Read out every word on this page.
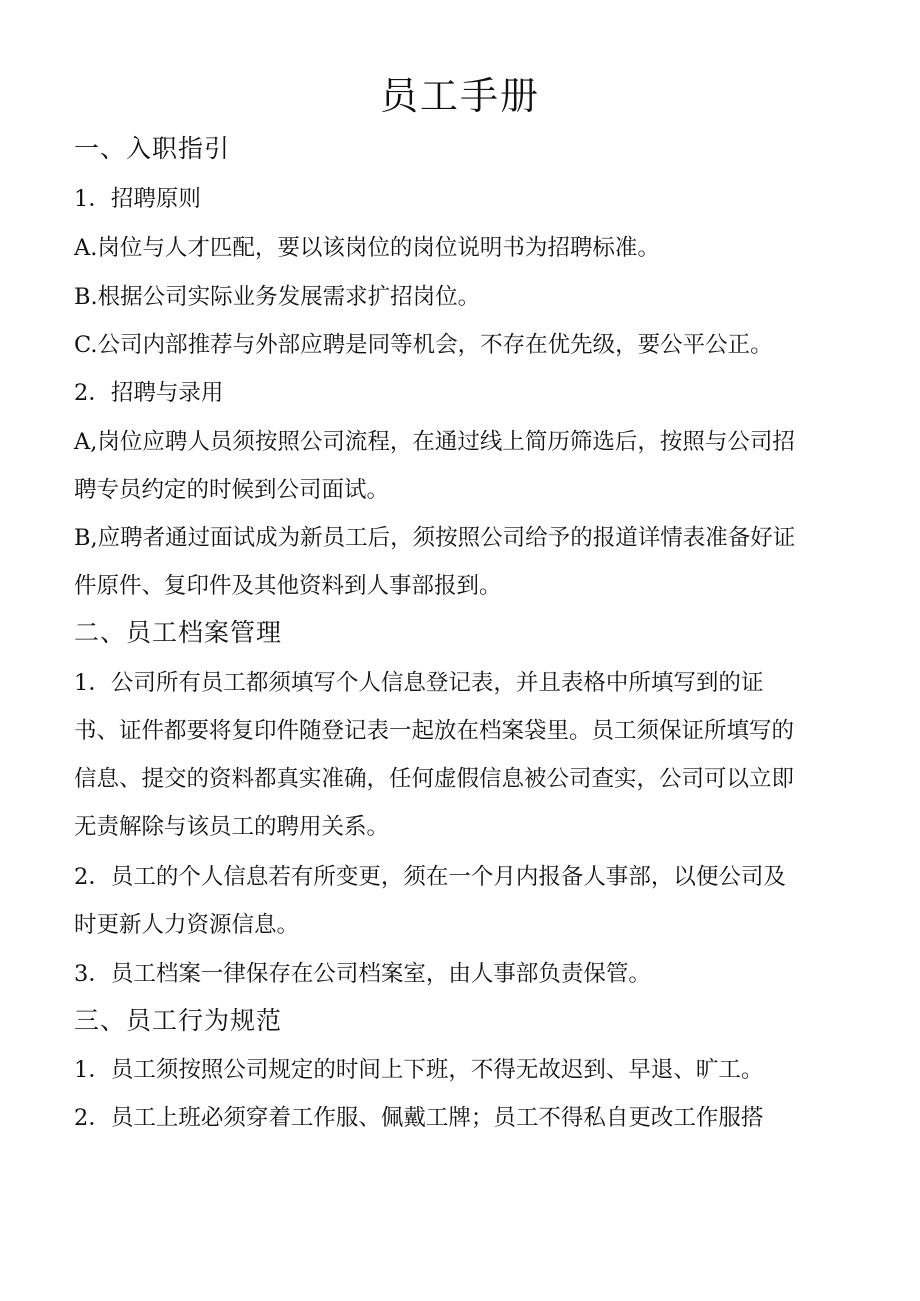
员工手册

一、入职指引

1．招聘原则

A.岗位与人才匹配，要以该岗位的岗位说明书为招聘标准。

B.根据公司实际业务发展需求扩招岗位。

C.公司内部推荐与外部应聘是同等机会，不存在优先级，要公平公正。

2．招聘与录用

A,岗位应聘人员须按照公司流程，在通过线上简历筛选后，按照与公司招

聘专员约定的时候到公司面试。

B,应聘者通过面试成为新员工后，须按照公司给予的报道详情表准备好证

件原件、复印件及其他资料到人事部报到。

二、员工档案管理

1．公司所有员工都须填写个人信息登记表，并且表格中所填写到的证

书、证件都要将复印件随登记表一起放在档案袋里。员工须保证所填写的

信息、提交的资料都真实准确，任何虚假信息被公司查实，公司可以立即

无责解除与该员工的聘用关系。

2．员工的个人信息若有所变更，须在一个月内报备人事部，以便公司及

时更新人力资源信息。

3．员工档案一律保存在公司档案室，由人事部负责保管。

三、员工行为规范

1．员工须按照公司规定的时间上下班，不得无故迟到、早退、旷工。

2．员工上班必须穿着工作服、佩戴工牌；员工不得私自更改工作服搭
